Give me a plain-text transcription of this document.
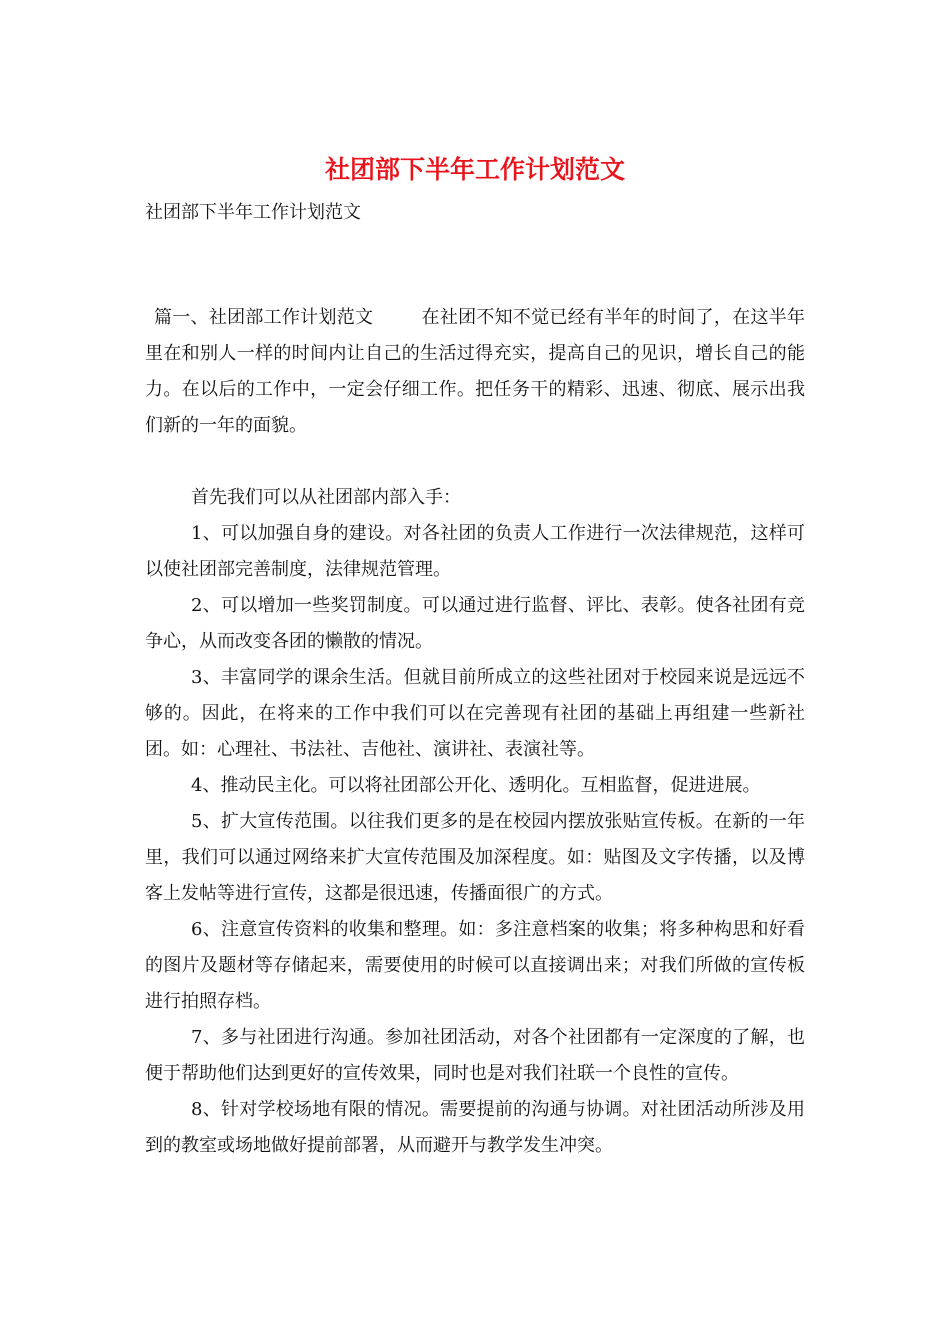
社团部下半年工作计划范文

社团部下半年工作计划范文

篇一、社团部工作计划范文	在社团不知不觉已经有半年的时间了，在这半年里在和别人一样的时间内让自己的生活过得充实，提高自己的见识，增长自己的能力。在以后的工作中，一定会仔细工作。把任务干的精彩、迅速、彻底、展示出我们新的一年的面貌。

首先我们可以从社团部内部入手：

1、可以加强自身的建设。对各社团的负责人工作进行一次法律规范，这样可以使社团部完善制度，法律规范管理。

2、可以增加一些奖罚制度。可以通过进行监督、评比、表彰。使各社团有竞争心，从而改变各团的懒散的情况。

3、丰富同学的课余生活。但就目前所成立的这些社团对于校园来说是远远不够的。因此，在将来的工作中我们可以在完善现有社团的基础上再组建一些新社团。如：心理社、书法社、吉他社、演讲社、表演社等。

4、推动民主化。可以将社团部公开化、透明化。互相监督，促进进展。

5、扩大宣传范围。以往我们更多的是在校园内摆放张贴宣传板。在新的一年里，我们可以通过网络来扩大宣传范围及加深程度。如：贴图及文字传播，以及博客上发帖等进行宣传，这都是很迅速，传播面很广的方式。

6、注意宣传资料的收集和整理。如：多注意档案的收集；将多种构思和好看的图片及题材等存储起来，需要使用的时候可以直接调出来；对我们所做的宣传板进行拍照存档。

7、多与社团进行沟通。参加社团活动，对各个社团都有一定深度的了解，也便于帮助他们达到更好的宣传效果，同时也是对我们社联一个良性的宣传。

8、针对学校场地有限的情况。需要提前的沟通与协调。对社团活动所涉及用到的教室或场地做好提前部署，从而避开与教学发生冲突。
